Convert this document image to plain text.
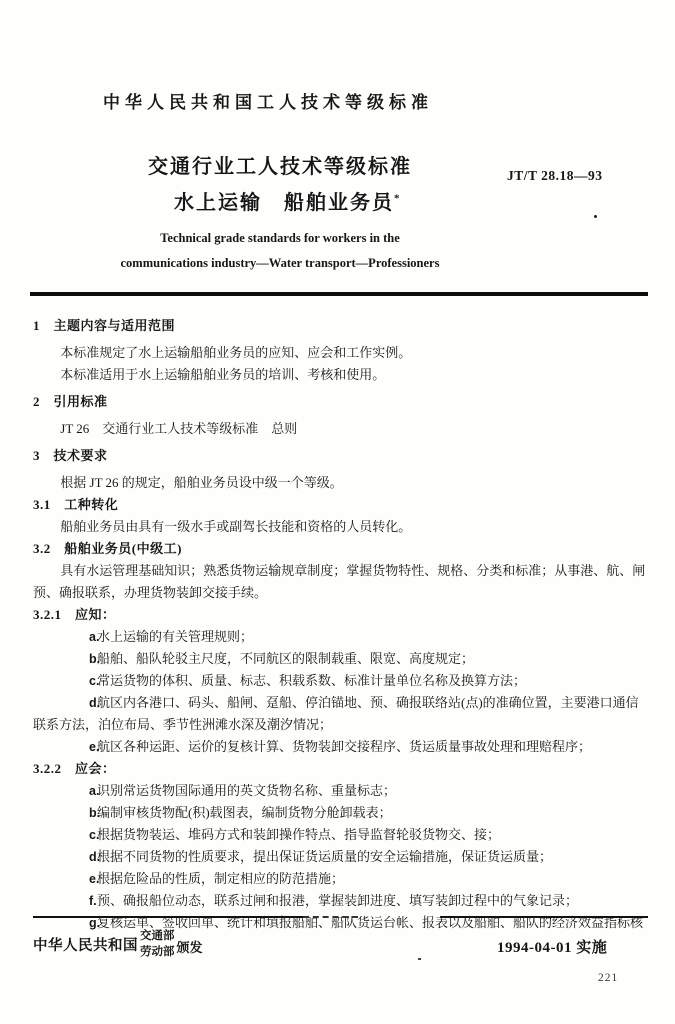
中华人民共和国工人技术等级标准
交通行业工人技术等级标准
水上运输　船舶业务员*
JT/T 28.18—93
Technical grade standards for workers in the
communications industry—Water transport—Professioners
1　主题内容与适用范围
本标准规定了水上运输船舶业务员的应知、应会和工作实例。
本标准适用于水上运输船舶业务员的培训、考核和使用。
2　引用标准
JT 26　交通行业工人技术等级标准　总则
3　技术要求
根据 JT 26 的规定，船舶业务员设中级一个等级。
3.1　工种转化
船舶业务员由具有一级水手或副驾长技能和资格的人员转化。
3.2　船舶业务员(中级工)
具有水运管理基础知识；熟悉货物运输规章制度；掌握货物特性、规格、分类和标准；从事港、航、闸预、确报联系，办理货物装卸交接手续。
3.2.1　应知：
a.水上运输的有关管理规则；
b.船舶、船队轮驳主尺度，不同航区的限制载重、限宽、高度规定；
c.常运货物的体积、质量、标志、积载系数、标准计量单位名称及换算方法；
d.航区内各港口、码头、船闸、趸船、停泊锚地、预、确报联络站(点)的准确位置，主要港口通信联系方法，泊位布局、季节性洲滩水深及潮汐情况；
e.航区各种运距、运价的复核计算、货物装卸交接程序、货运质量事故处理和理赔程序；
3.2.2　应会：
a.识别常运货物国际通用的英文货物名称、重量标志；
b.编制审核货物配(积)载图表，编制货物分舱卸载表；
c.根据货物装运、堆码方式和装卸操作特点、指导监督轮驳货物交、接；
d.根据不同货物的性质要求，提出保证货运质量的安全运输措施，保证货运质量；
e.根据危险品的性质，制定相应的防范措施；
f.预、确报船位动态，联系过闸和报港，掌握装卸进度、填写装卸过程中的气象记录；
g.复核运单、签收回单、统计和填报船舶、船队货运台帐、报表以及船舶、船队的经济效益指标核
中华人民共和国
交通部
劳动部 颁发	1994-04-01 实施
221
